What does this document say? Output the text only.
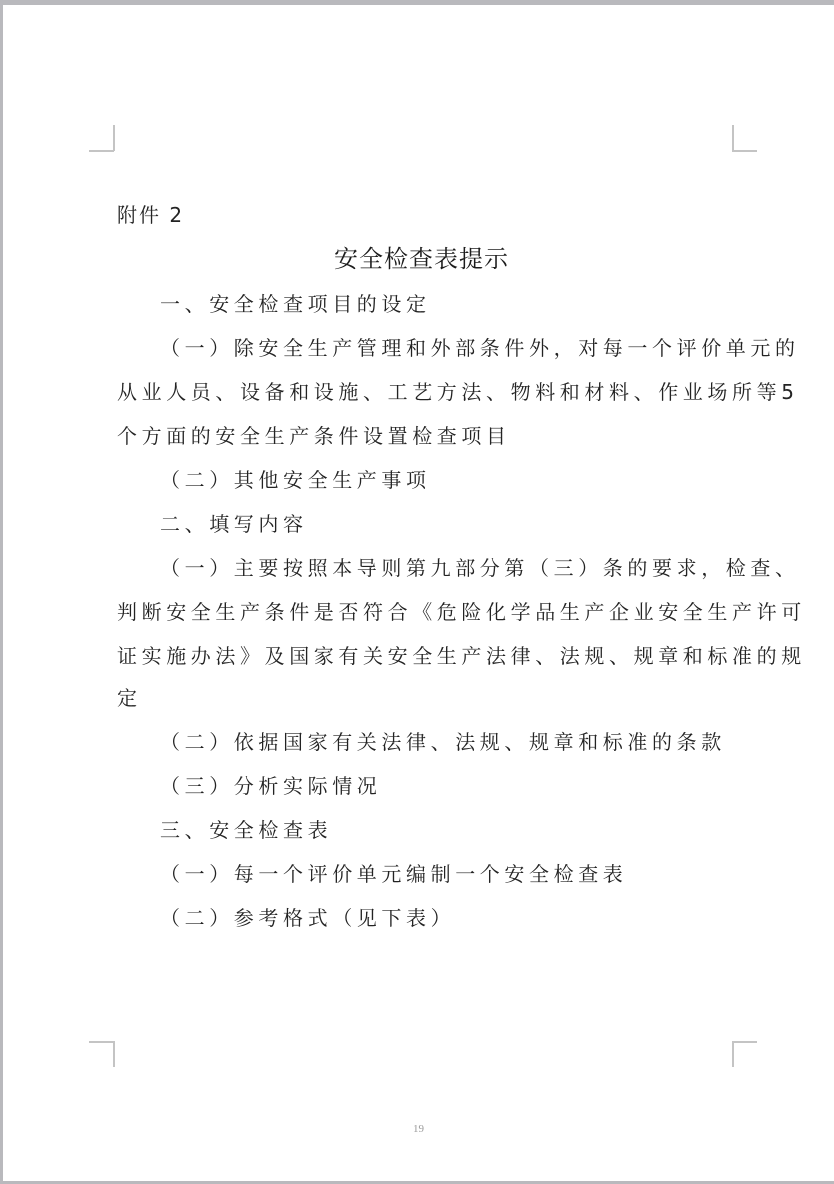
附件 2
安全检查表提示
一、安全检查项目的设定
（一）除安全生产管理和外部条件外，对每一个评价单元的
从业人员、设备和设施、工艺方法、物料和材料、作业场所等5
个方面的安全生产条件设置检查项目
（二）其他安全生产事项
二、填写内容
（一）主要按照本导则第九部分第（三）条的要求，检查、
判断安全生产条件是否符合《危险化学品生产企业安全生产许可
证实施办法》及国家有关安全生产法律、法规、规章和标准的规
定
（二）依据国家有关法律、法规、规章和标准的条款
（三）分析实际情况
三、安全检查表
（一）每一个评价单元编制一个安全检查表
（二）参考格式（见下表）
19
